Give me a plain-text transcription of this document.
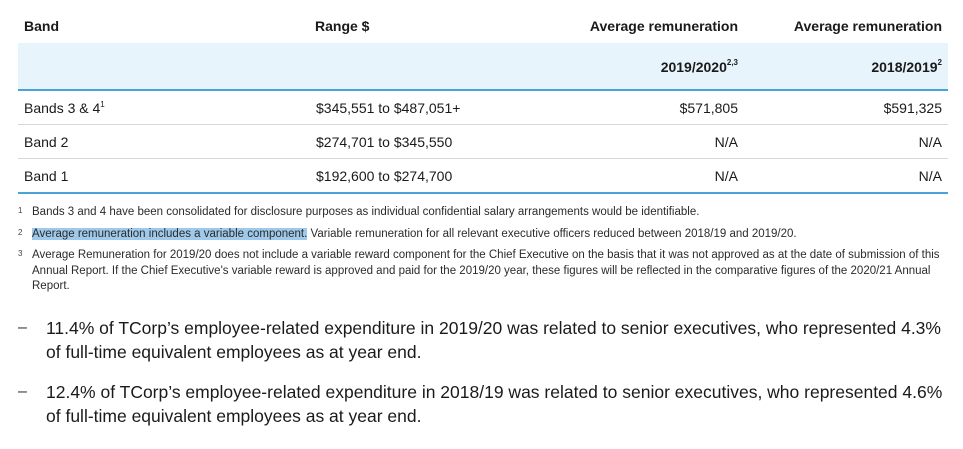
Band	Range $	Average remuneration	Average remuneration
		2019/2020$^{2,3}$	2018/2019$^2$
Bands 3 & $4^1$	$345,551 to $487,051+	$571,805	$591,325
Band 2	$274,701 to $345,550	N/A	N/A
Band 1	$192,600 to $274,700	N/A	N/A
1 Bands 3 and 4 have been consolidated for disclosure purposes as individual confidential salary arrangements would be identifiable.
2 Average remuneration includes a variable component. Variable remuneration for all relevant executive officers reduced between 2018/19 and 2019/20.
3 Average Remuneration for 2019/20 does not include a variable reward component for the Chief Executive on the basis that it was not approved as at the date of submission of this Annual Report. If the Chief Executive's variable reward is approved and paid for the 2019/20 year, these figures will be reflected in the comparative figures of the 2020/21 Annual Report.
– 11.4% of TCorp’s employee-related expenditure in 2019/20 was related to senior executives, who represented 4.3% of full-time equivalent employees as at year end.
– 12.4% of TCorp’s employee-related expenditure in 2018/19 was related to senior executives, who represented 4.6% of full-time equivalent employees as at year end.
